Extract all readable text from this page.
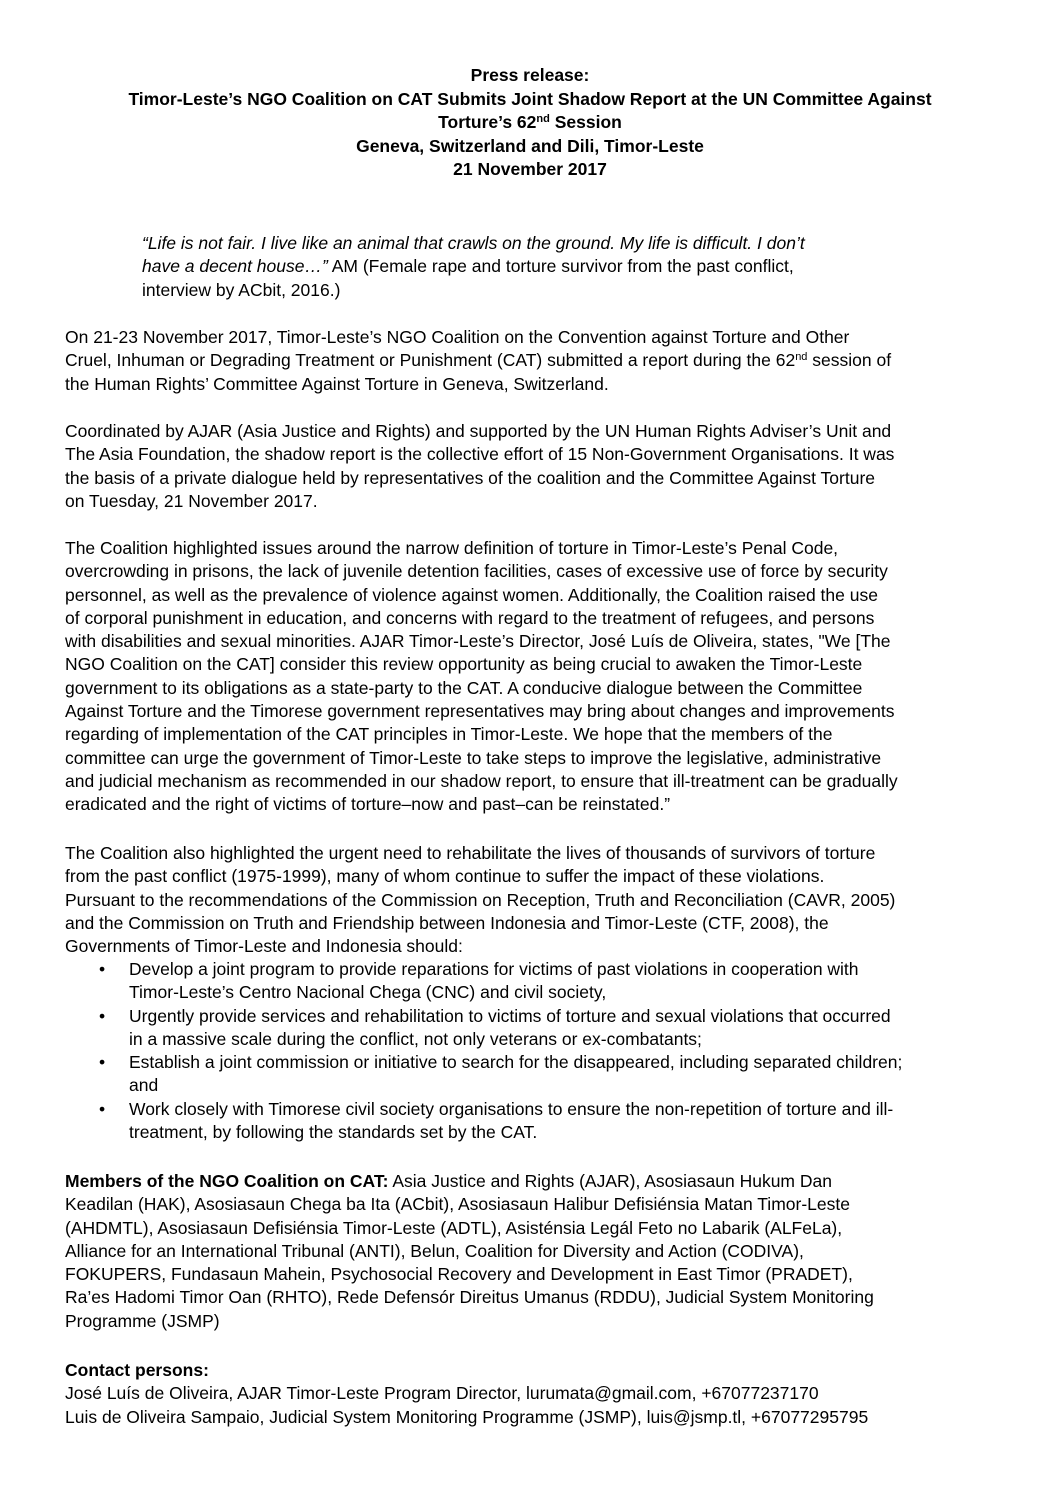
Press release:
Timor-Leste’s NGO Coalition on CAT Submits Joint Shadow Report at the UN Committee Against
Torture’s 62nd Session
Geneva, Switzerland and Dili, Timor-Leste
21 November 2017
“Life is not fair. I live like an animal that crawls on the ground. My life is difficult. I don’t
have a decent house…” AM (Female rape and torture survivor from the past conflict,
interview by ACbit, 2016.)
On 21-23 November 2017, Timor-Leste’s NGO Coalition on the Convention against Torture and Other
Cruel, Inhuman or Degrading Treatment or Punishment (CAT) submitted a report during the 62nd session of
the Human Rights’ Committee Against Torture in Geneva, Switzerland.
Coordinated by AJAR (Asia Justice and Rights) and supported by the UN Human Rights Adviser’s Unit and
The Asia Foundation, the shadow report is the collective effort of 15 Non-Government Organisations. It was
the basis of a private dialogue held by representatives of the coalition and the Committee Against Torture
on Tuesday, 21 November 2017.
The Coalition highlighted issues around the narrow definition of torture in Timor-Leste’s Penal Code,
overcrowding in prisons, the lack of juvenile detention facilities, cases of excessive use of force by security
personnel, as well as the prevalence of violence against women. Additionally, the Coalition raised the use
of corporal punishment in education, and concerns with regard to the treatment of refugees, and persons
with disabilities and sexual minorities. AJAR Timor-Leste’s Director, José Luís de Oliveira, states, "We [The
NGO Coalition on the CAT] consider this review opportunity as being crucial to awaken the Timor-Leste
government to its obligations as a state-party to the CAT. A conducive dialogue between the Committee
Against Torture and the Timorese government representatives may bring about changes and improvements
regarding of implementation of the CAT principles in Timor-Leste. We hope that the members of the
committee can urge the government of Timor-Leste to take steps to improve the legislative, administrative
and judicial mechanism as recommended in our shadow report, to ensure that ill-treatment can be gradually
eradicated and the right of victims of torture–now and past–can be reinstated.”
The Coalition also highlighted the urgent need to rehabilitate the lives of thousands of survivors of torture
from the past conflict (1975-1999), many of whom continue to suffer the impact of these violations.
Pursuant to the recommendations of the Commission on Reception, Truth and Reconciliation (CAVR, 2005)
and the Commission on Truth and Friendship between Indonesia and Timor-Leste (CTF, 2008), the
Governments of Timor-Leste and Indonesia should:
• Develop a joint program to provide reparations for victims of past violations in cooperation with
Timor-Leste’s Centro Nacional Chega (CNC) and civil society,
• Urgently provide services and rehabilitation to victims of torture and sexual violations that occurred
in a massive scale during the conflict, not only veterans or ex-combatants;
• Establish a joint commission or initiative to search for the disappeared, including separated children;
and
• Work closely with Timorese civil society organisations to ensure the non-repetition of torture and ill-
treatment, by following the standards set by the CAT.
Members of the NGO Coalition on CAT: Asia Justice and Rights (AJAR), Asosiasaun Hukum Dan
Keadilan (HAK), Asosiasaun Chega ba Ita (ACbit), Asosiasaun Halibur Defisiénsia Matan Timor-Leste
(AHDMTL), Asosiasaun Defisiénsia Timor-Leste (ADTL), Asisténsia Legál Feto no Labarik (ALFeLa),
Alliance for an International Tribunal (ANTI), Belun, Coalition for Diversity and Action (CODIVA),
FOKUPERS, Fundasaun Mahein, Psychosocial Recovery and Development in East Timor (PRADET),
Ra’es Hadomi Timor Oan (RHTO), Rede Defensór Direitus Umanus (RDDU), Judicial System Monitoring
Programme (JSMP)
Contact persons:
José Luís de Oliveira, AJAR Timor-Leste Program Director, lurumata@gmail.com, +67077237170
Luis de Oliveira Sampaio, Judicial System Monitoring Programme (JSMP), luis@jsmp.tl, +67077295795
